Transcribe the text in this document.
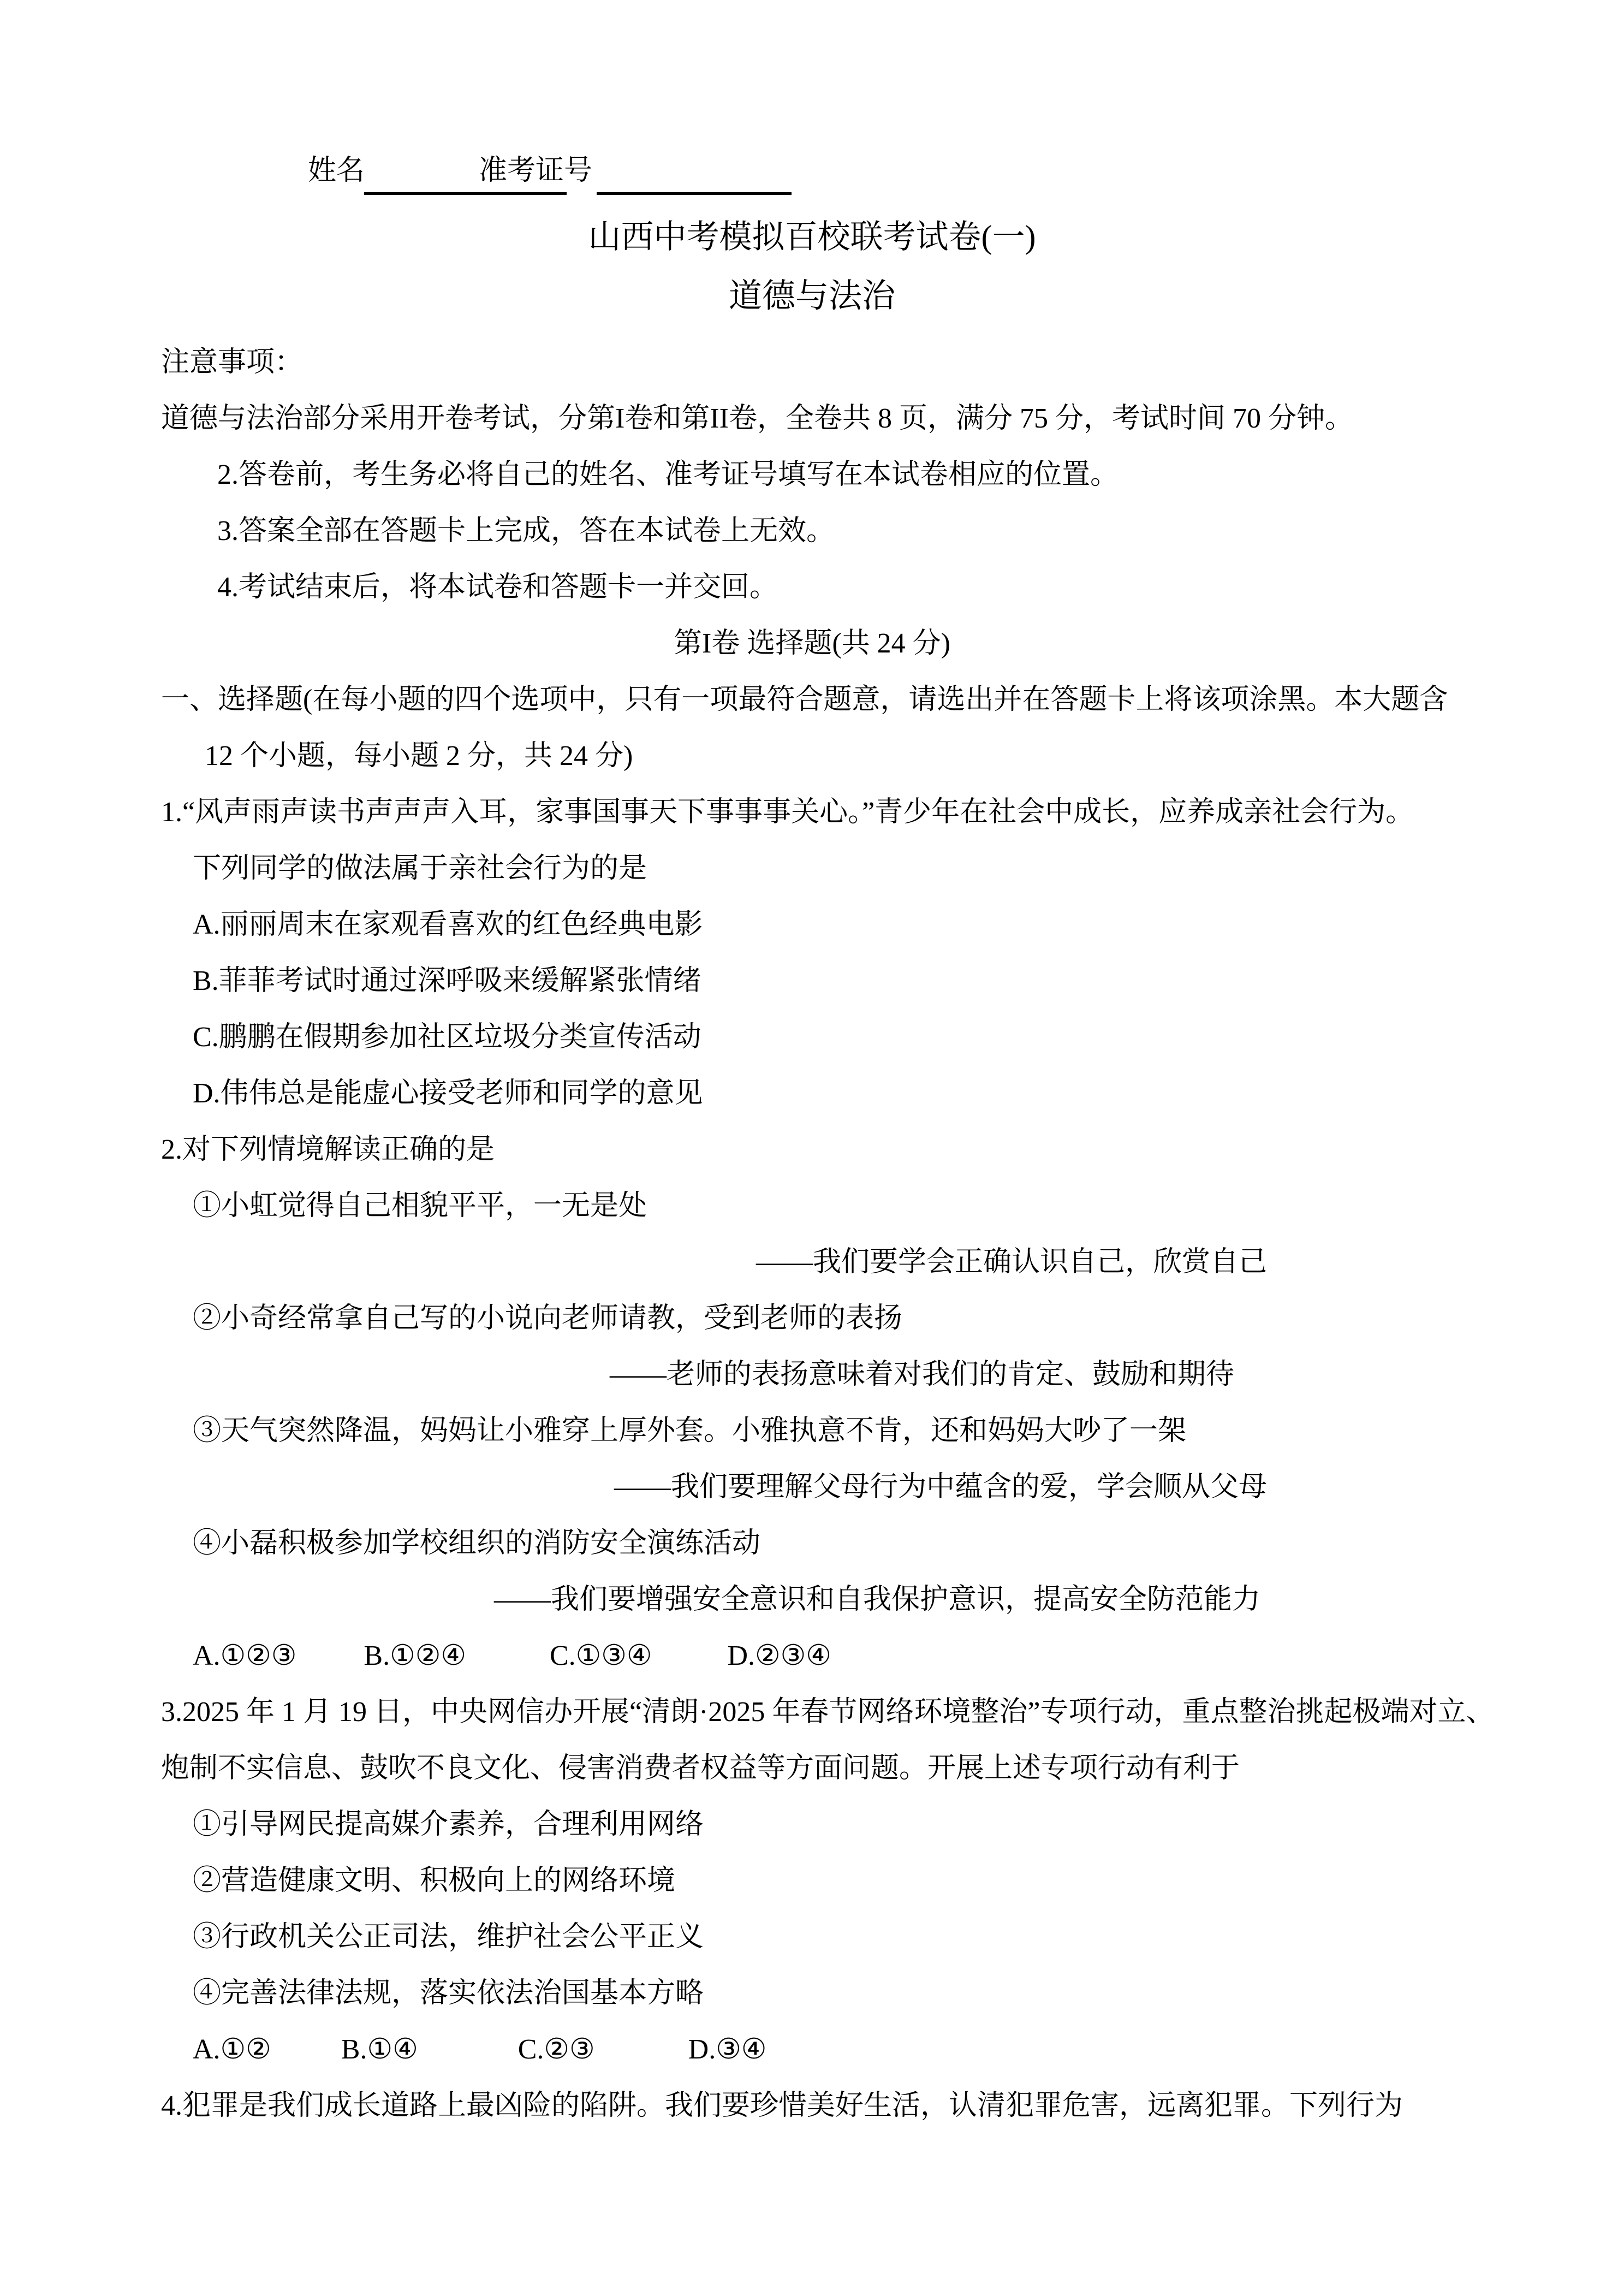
姓名	准考证号
山西中考模拟百校联考试卷(一)
道德与法治
注意事项：
道德与法治部分采用开卷考试，分第I卷和第II卷，全卷共 8 页，满分 75 分，考试时间 70 分钟。
2.答卷前，考生务必将自己的姓名、准考证号填写在本试卷相应的位置。
3.答案全部在答题卡上完成，答在本试卷上无效。
4.考试结束后，将本试卷和答题卡一并交回。
第I卷 选择题(共 24 分)
一、选择题(在每小题的四个选项中，只有一项最符合题意，请选出并在答题卡上将该项涂黑。本大题含
12 个小题，每小题 2 分，共 24 分)
1.“风声雨声读书声声声入耳，家事国事天下事事事关心。”青少年在社会中成长，应养成亲社会行为。
下列同学的做法属于亲社会行为的是
A.丽丽周末在家观看喜欢的红色经典电影
B.菲菲考试时通过深呼吸来缓解紧张情绪
C.鹏鹏在假期参加社区垃圾分类宣传活动
D.伟伟总是能虚心接受老师和同学的意见
2.对下列情境解读正确的是
①小虹觉得自己相貌平平，一无是处
——我们要学会正确认识自己，欣赏自己
②小奇经常拿自己写的小说向老师请教，受到老师的表扬
——老师的表扬意味着对我们的肯定、鼓励和期待
③天气突然降温，妈妈让小雅穿上厚外套。小雅执意不肯，还和妈妈大吵了一架
——我们要理解父母行为中蕴含的爱，学会顺从父母
④小磊积极参加学校组织的消防安全演练活动
——我们要增强安全意识和自我保护意识，提高安全防范能力
A.①②③ B.①②④	C.①③④	D.②③④
3.2025 年 1 月 19 日，中央网信办开展“清朗·2025 年春节网络环境整治”专项行动，重点整治挑起极端对立、
炮制不实信息、鼓吹不良文化、侵害消费者权益等方面问题。开展上述专项行动有利于
①引导网民提高媒介素养，合理利用网络
②营造健康文明、积极向上的网络环境
③行政机关公正司法，维护社会公平正义
④完善法律法规，落实依法治国基本方略
A.①② B.①④	C.②③	D.③④
4.犯罪是我们成长道路上最凶险的陷阱。我们要珍惜美好生活，认清犯罪危害，远离犯罪。下列行为
